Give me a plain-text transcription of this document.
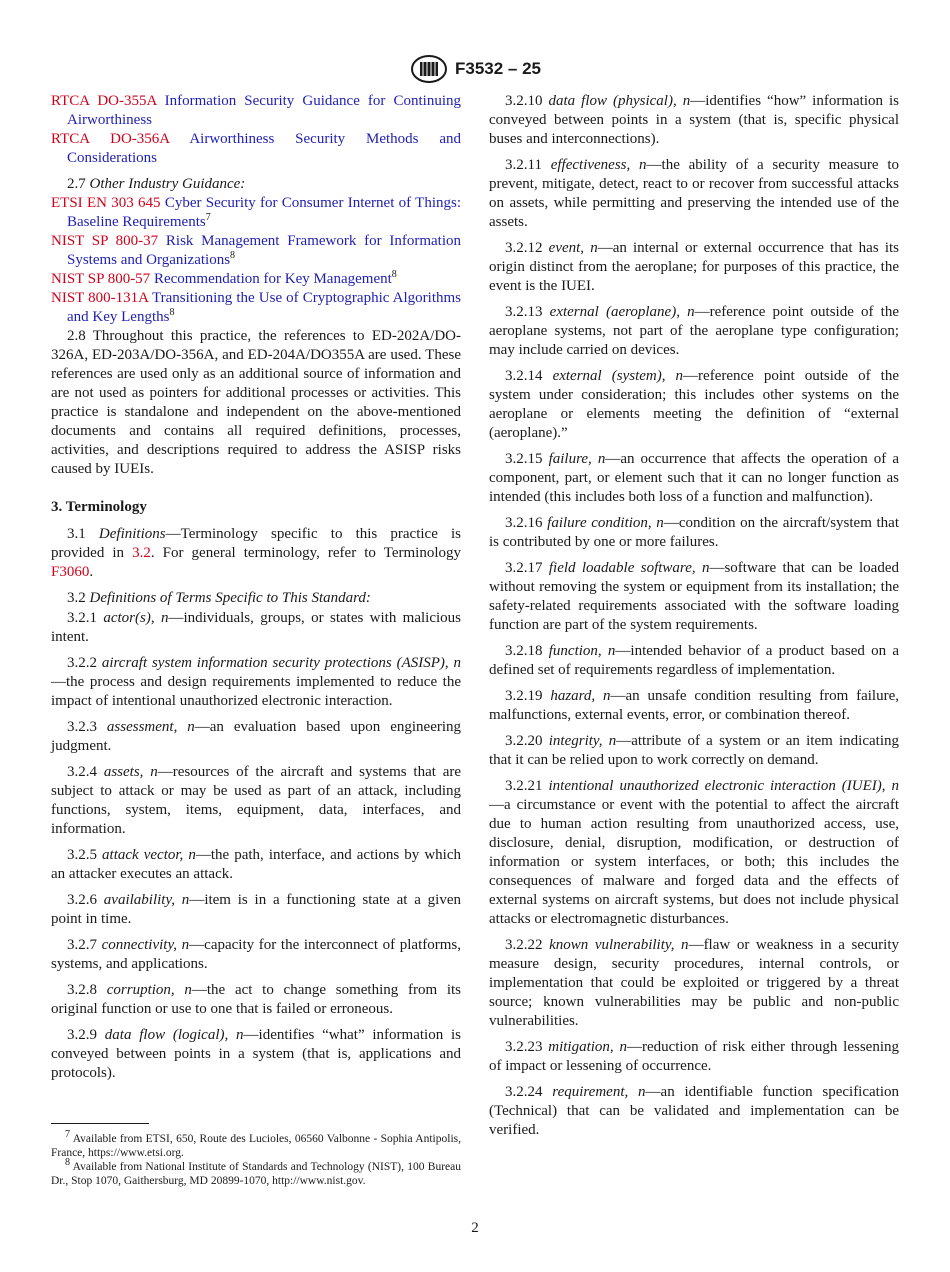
F3532 – 25

RTCA DO-355A Information Security Guidance for Continuing Airworthiness

RTCA DO-356A Airworthiness Security Methods and Considerations

2.7 Other Industry Guidance:

ETSI EN 303 645 Cyber Security for Consumer Internet of Things: Baseline Requirements$^7$

NIST SP 800-37 Risk Management Framework for Information Systems and Organizations$^8$

NIST SP 800-57 Recommendation for Key Management$^8$

NIST 800-131A Transitioning the Use of Cryptographic Algorithms and Key Lengths$^8$

2.8 Throughout this practice, the references to ED-202A/DO-326A, ED-203A/DO-356A, and ED-204A/DO355A are used. These references are used only as an additional source of information and are not used as pointers for additional processes or activities. This practice is standalone and independent on the above-mentioned documents and contains all required definitions, processes, activities, and descriptions required to address the ASISP risks caused by IUEIs.

3. Terminology

3.1 Definitions—Terminology specific to this practice is provided in 3.2. For general terminology, refer to Terminology F3060.

3.2 Definitions of Terms Specific to This Standard:

3.2.1 actor(s), n—individuals, groups, or states with malicious intent.

3.2.2 aircraft system information security protections (ASISP), n—the process and design requirements implemented to reduce the impact of intentional unauthorized electronic interaction.

3.2.3 assessment, n—an evaluation based upon engineering judgment.

3.2.4 assets, n—resources of the aircraft and systems that are subject to attack or may be used as part of an attack, including functions, system, items, equipment, data, interfaces, and information.

3.2.5 attack vector, n—the path, interface, and actions by which an attacker executes an attack.

3.2.6 availability, n—item is in a functioning state at a given point in time.

3.2.7 connectivity, n—capacity for the interconnect of platforms, systems, and applications.

3.2.8 corruption, n—the act to change something from its original function or use to one that is failed or erroneous.

3.2.9 data flow (logical), n—identifies “what” information is conveyed between points in a system (that is, applications and protocols).

3.2.10 data flow (physical), n—identifies “how” information is conveyed between points in a system (that is, specific physical buses and interconnections).

3.2.11 effectiveness, n—the ability of a security measure to prevent, mitigate, detect, react to or recover from successful attacks on assets, while permitting and preserving the intended use of the assets.

3.2.12 event, n—an internal or external occurrence that has its origin distinct from the aeroplane; for purposes of this practice, the event is the IUEI.

3.2.13 external (aeroplane), n—reference point outside of the aeroplane systems, not part of the aeroplane type configuration; may include carried on devices.

3.2.14 external (system), n—reference point outside of the system under consideration; this includes other systems on the aeroplane or elements meeting the definition of “external (aeroplane).”

3.2.15 failure, n—an occurrence that affects the operation of a component, part, or element such that it can no longer function as intended (this includes both loss of a function and malfunction).

3.2.16 failure condition, n—condition on the aircraft/system that is contributed by one or more failures.

3.2.17 field loadable software, n—software that can be loaded without removing the system or equipment from its installation; the safety-related requirements associated with the software loading function are part of the system requirements.

3.2.18 function, n—intended behavior of a product based on a defined set of requirements regardless of implementation.

3.2.19 hazard, n—an unsafe condition resulting from failure, malfunctions, external events, error, or combination thereof.

3.2.20 integrity, n—attribute of a system or an item indicating that it can be relied upon to work correctly on demand.

3.2.21 intentional unauthorized electronic interaction (IUEI), n—a circumstance or event with the potential to affect the aircraft due to human action resulting from unauthorized access, use, disclosure, denial, disruption, modification, or destruction of information or system interfaces, or both; this includes the consequences of malware and forged data and the effects of external systems on aircraft systems, but does not include physical attacks or electromagnetic disturbances.

3.2.22 known vulnerability, n—flaw or weakness in a security measure design, security procedures, internal controls, or implementation that could be exploited or triggered by a threat source; known vulnerabilities may be public and non-public vulnerabilities.

3.2.23 mitigation, n—reduction of risk either through lessening of impact or lessening of occurrence.

3.2.24 requirement, n—an identifiable function specification (Technical) that can be validated and implementation can be verified.

$^7$ Available from ETSI, 650, Route des Lucioles, 06560 Valbonne - Sophia Antipolis, France, https://www.etsi.org.

$^8$ Available from National Institute of Standards and Technology (NIST), 100 Bureau Dr., Stop 1070, Gaithersburg, MD 20899-1070, http://www.nist.gov.

2
